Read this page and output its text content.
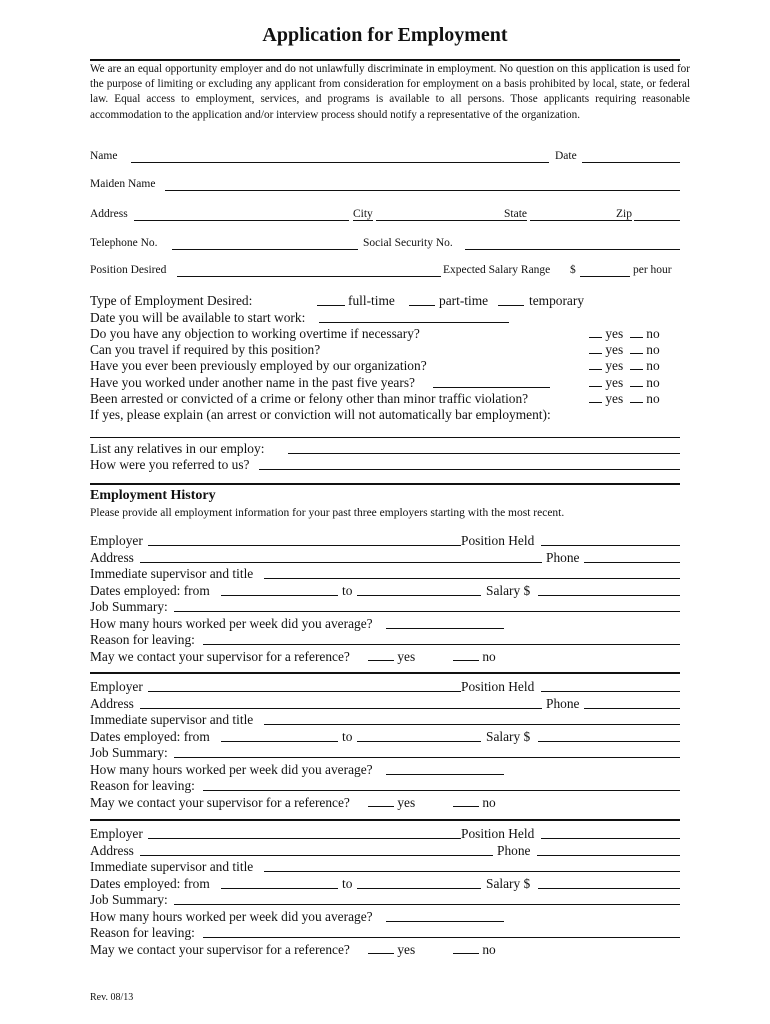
Application for Employment
We are an equal opportunity employer and do not unlawfully discriminate in employment. No question on this application is used for the purpose of limiting or excluding any applicant from consideration for employment on a basis prohibited by local, state, or federal law. Equal access to employment, services, and programs is available to all persons. Those applicants requiring reasonable accommodation to the application and/or interview process should notify a representative of the organization.
Name	Date
Maiden Name
Address	City	State	Zip
Telephone No.	Social Security No.
Position Desired	Expected Salary Range $	per hour
Type of Employment Desired:	full-time	part-time	temporary
Date you will be available to start work:
Do you have any objection to working overtime if necessary?	yes no
Can you travel if required by this position?	yes no
Have you ever been previously employed by our organization?	yes no
Have you worked under another name in the past five years?	yes no
Been arrested or convicted of a crime or felony other than minor traffic violation?	yes no
If yes, please explain (an arrest or conviction will not automatically bar employment):
List any relatives in our employ:
How were you referred to us?
Employment History
Please provide all employment information for your past three employers starting with the most recent.
Employer	Position Held
Address	Phone
Immediate supervisor and title
Dates employed: from	to	Salary $
Job Summary:
How many hours worked per week did you average?
Reason for leaving:
May we contact your supervisor for a reference?	yes	no
Employer	Position Held
Address	Phone
Immediate supervisor and title
Dates employed: from	to	Salary $
Job Summary:
How many hours worked per week did you average?
Reason for leaving:
May we contact your supervisor for a reference?	yes	no
Employer	Position Held
Address	Phone
Immediate supervisor and title
Dates employed: from	to	Salary $
Job Summary:
How many hours worked per week did you average?
Reason for leaving:
May we contact your supervisor for a reference?	yes	no
Rev. 08/13
